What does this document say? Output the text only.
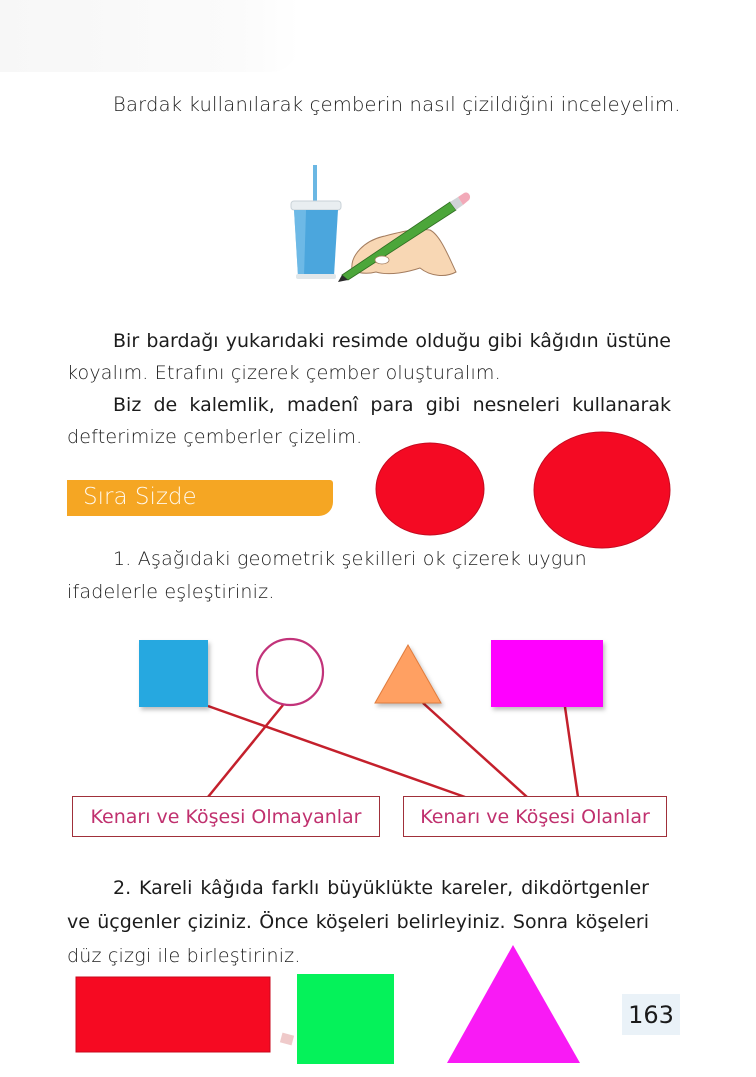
Bardak kullanılarak çemberin nasıl çizildiğini inceleyelim.
Bir bardağı yukarıdaki resimde olduğu gibi kâğıdın üstüne
koyalım. Etrafını çizerek çember oluşturalım.
Biz de kalemlik, madenî para gibi nesneleri kullanarak
defterimize çemberler çizelim.
Sıra Sizde
1. Aşağıdaki geometrik şekilleri ok çizerek uygun
ifadelerle eşleştiriniz.
Kenarı ve Köşesi Olmayanlar	Kenarı ve Köşesi Olanlar
2. Kareli kâğıda farklı büyüklükte kareler, dikdörtgenler
ve üçgenler çiziniz. Önce köşeleri belirleyiniz. Sonra köşeleri
düz çizgi ile birleştiriniz.
163
